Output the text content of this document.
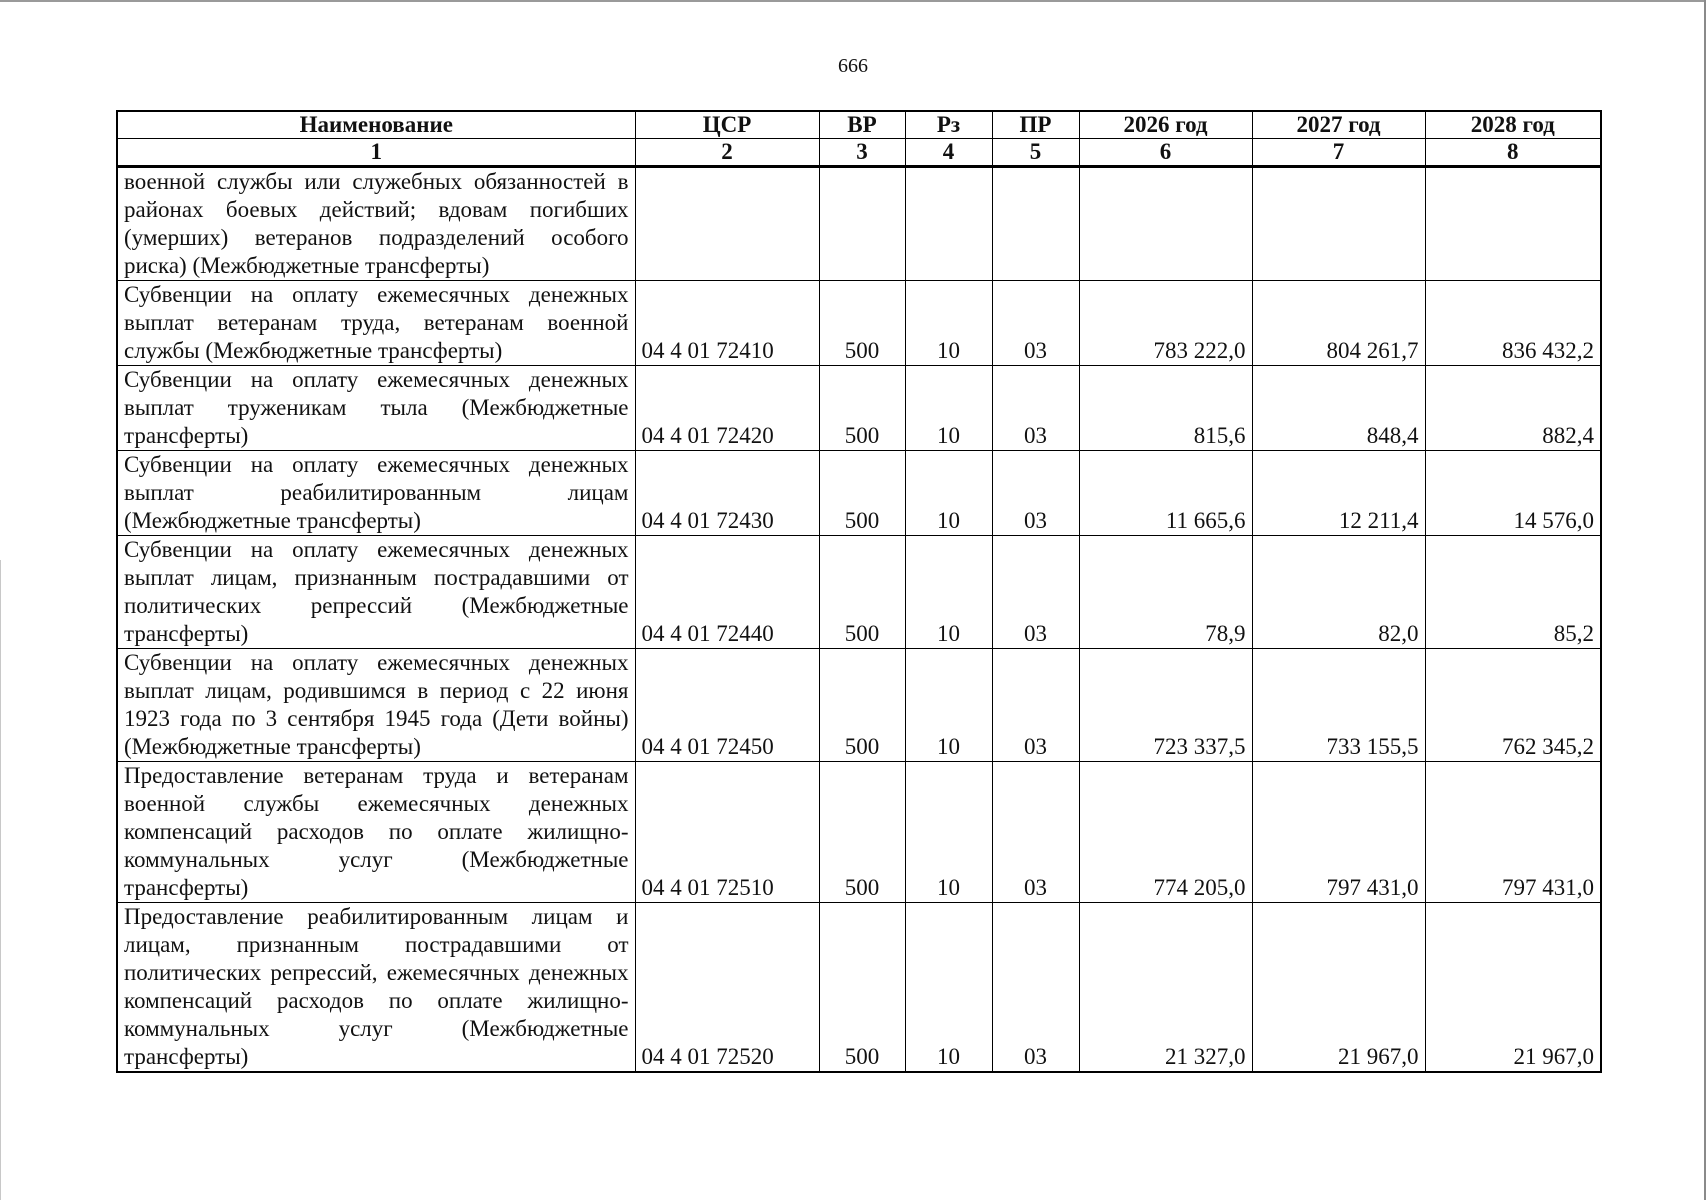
666
Наименование	ЦСР	ВР	Рз	ПР	2026 год	2027 год	2028 год
1	2	3	4	5	6	7	8
военной службы или служебных обязанностей в районах боевых действий; вдовам погибших (умерших) ветеранов подразделений особого риска) (Межбюджетные трансферты)							
Субвенции на оплату ежемесячных денежных выплат ветеранам труда, ветеранам военной службы (Межбюджетные трансферты)	04 4 01 72410	500	10	03	783 222,0	804 261,7	836 432,2
Субвенции на оплату ежемесячных денежных выплат труженикам тыла (Межбюджетные трансферты)	04 4 01 72420	500	10	03	815,6	848,4	882,4
Субвенции на оплату ежемесячных денежных выплат реабилитированным лицам (Межбюджетные трансферты)	04 4 01 72430	500	10	03	11 665,6	12 211,4	14 576,0
Субвенции на оплату ежемесячных денежных выплат лицам, признанным пострадавшими от политических репрессий (Межбюджетные трансферты)	04 4 01 72440	500	10	03	78,9	82,0	85,2
Субвенции на оплату ежемесячных денежных выплат лицам, родившимся в период с 22 июня 1923 года по 3 сентября 1945 года (Дети войны) (Межбюджетные трансферты)	04 4 01 72450	500	10	03	723 337,5	733 155,5	762 345,2
Предоставление ветеранам труда и ветеранам военной службы ежемесячных денежных компенсаций расходов по оплате жилищно-коммунальных услуг (Межбюджетные трансферты)	04 4 01 72510	500	10	03	774 205,0	797 431,0	797 431,0
Предоставление реабилитированным лицам и лицам, признанным пострадавшими от политических репрессий, ежемесячных денежных компенсаций расходов по оплате жилищно-коммунальных услуг (Межбюджетные трансферты)	04 4 01 72520	500	10	03	21 327,0	21 967,0	21 967,0
